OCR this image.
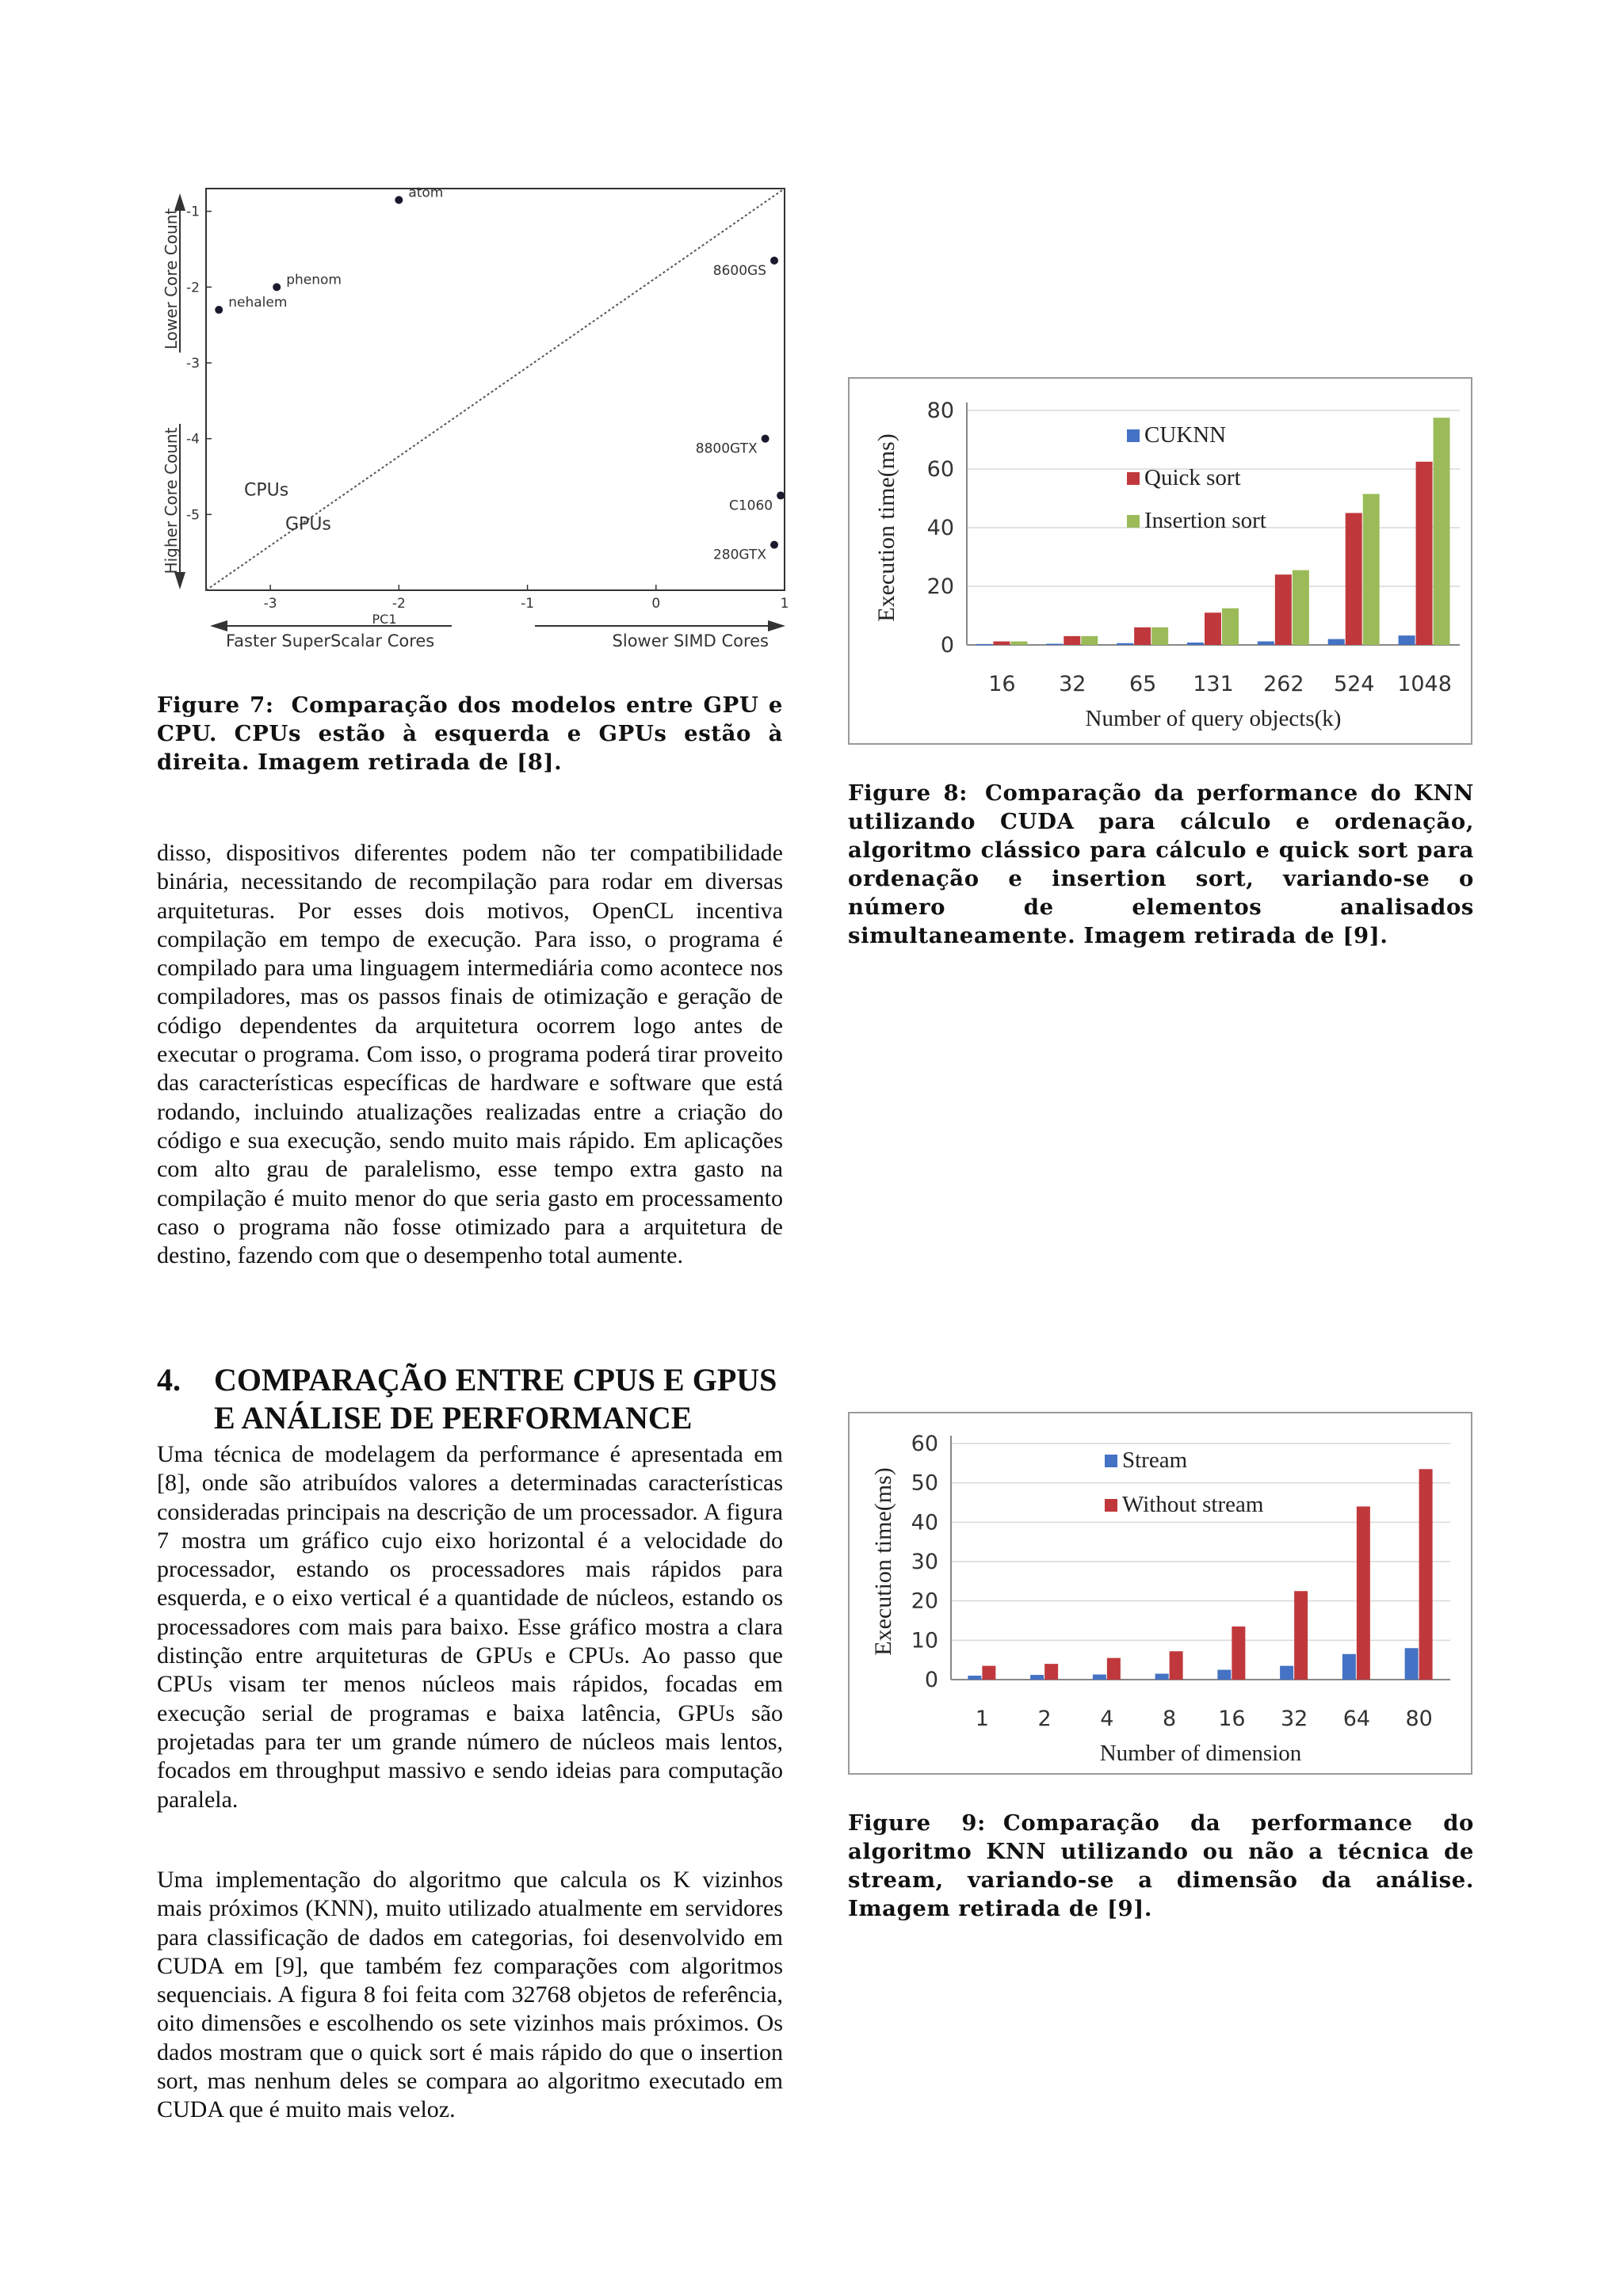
-3	-2	-1	0	1
-1
-2
-3
-4
-5
PC1
atom
phenom
nehalem
8600GS
8800GTX
C1060
280GTX
CPUs
GPUs
Lower Core Count
Higher Core Count
Faster SuperScalar Cores	Slower SIMD Cores
Figure 7: Comparação dos modelos entre GPU e CPU. CPUs estão à esquerda e GPUs estão à direita. Imagem retirada de [8].
disso, dispositivos diferentes podem não ter compatibilidade binária, necessitando de recompilação para rodar em diversas arquiteturas. Por esses dois motivos, OpenCL incentiva compilação em tempo de execução. Para isso, o programa é compilado para uma linguagem intermediária como acontece nos compiladores, mas os passos finais de otimização e geração de código dependentes da arquitetura ocorrem logo antes de executar o programa. Com isso, o programa poderá tirar proveito das características específicas de hardware e software que está rodando, incluindo atualizações realizadas entre a criação do código e sua execução, sendo muito mais rápido. Em aplicações com alto grau de paralelismo, esse tempo extra gasto na compilação é muito menor do que seria gasto em processamento caso o programa não fosse otimizado para a arquitetura de destino, fazendo com que o desempenho total aumente.
4. COMPARAÇÃO ENTRE CPUS E GPUS
E ANÁLISE DE PERFORMANCE
Uma técnica de modelagem da performance é apresentada em [8], onde são atribuídos valores a determinadas características consideradas principais na descrição de um processador. A figura 7 mostra um gráfico cujo eixo horizontal é a velocidade do processador, estando os processadores mais rápidos para esquerda, e o eixo vertical é a quantidade de núcleos, estando os processadores com mais para baixo. Esse gráfico mostra a clara distinção entre arquiteturas de GPUs e CPUs. Ao passo que CPUs visam ter menos núcleos mais rápidos, focadas em execução serial de programas e baixa latência, GPUs são projetadas para ter um grande número de núcleos mais lentos, focados em throughput massivo e sendo ideias para computação paralela.
Uma implementação do algoritmo que calcula os K vizinhos mais próximos (KNN), muito utilizado atualmente em servidores para classificação de dados em categorias, foi desenvolvido em CUDA em [9], que também fez comparações com algoritmos sequenciais. A figura 8 foi feita com 32768 objetos de referência, oito dimensões e escolhendo os sete vizinhos mais próximos. Os dados mostram que o quick sort é mais rápido do que o insertion sort, mas nenhum deles se compara ao algoritmo executado em CUDA que é muito mais veloz.
0
20
40
60
80
16 32 65 131 262 524 1048
CUKNN
Quick sort
Insertion sort
Number of query objects(k)
Execution time(ms)
Figure 8: Comparação da performance do KNN utilizando CUDA para cálculo e ordenação, algoritmo clássico para cálculo e quick sort para ordenação e insertion sort, variando-se o número de elementos analisados simultaneamente. Imagem retirada de [9].
0
10
20
30
40
50
60
1 2 4 8 16 32 64 80
Stream
Without stream
Number of dimension
Execution time(ms)
Figure 9: Comparação da performance do algoritmo KNN utilizando ou não a técnica de stream, variando-se a dimensão da análise. Imagem retirada de [9].
